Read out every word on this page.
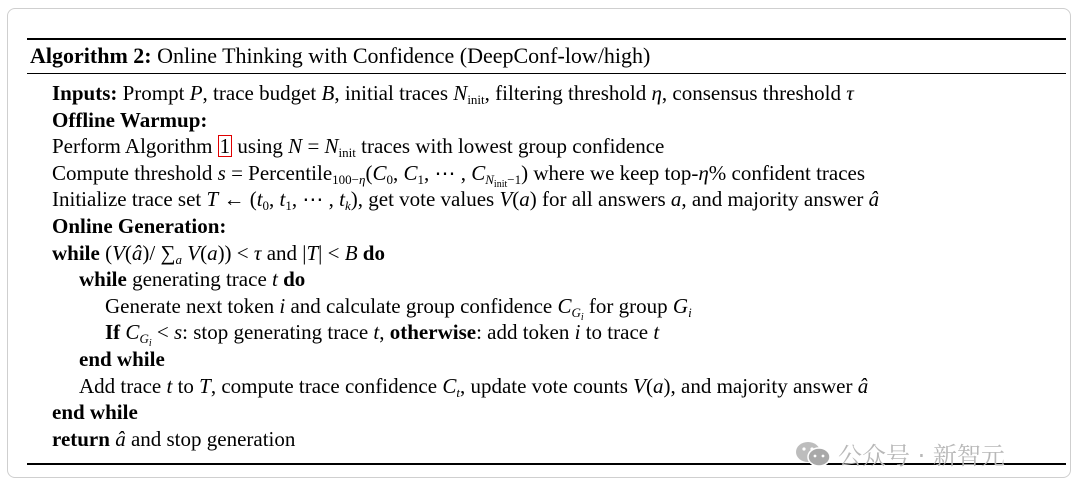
Algorithm 2: Online Thinking with Confidence (DeepConf-low/high)
Inputs: Prompt P, trace budget B, initial traces $N_{init}$, filtering threshold η, consensus threshold τ
Offline Warmup:
Perform Algorithm 1 using $N = N_{init}$ traces with lowest group confidence
Compute threshold $s = Percentile_{100-\eta}(C_0$, $C_1$, ⋯ , $C_{N_{init}-1}$) where we keep top-η% confident traces
Initialize trace set T ← ($t_0$, $t_1$, ⋯ , $t_k$), get vote values V(a) for all answers a, and majority answer â
Online Generation:
while (V(â)/ $\sum_a$ V(a)) < τ and |T| < B do
while generating trace t do
Generate next token i and calculate group confidence $C_{G_i}$ for group $G_i$
If $C_{G_i} < s$: stop generating trace t, otherwise: add token i to trace t
end while
Add trace t to T, compute trace confidence $C_t$, update vote counts V(a), and majority answer â
end while
return â and stop generation
公众号 · 新智元
